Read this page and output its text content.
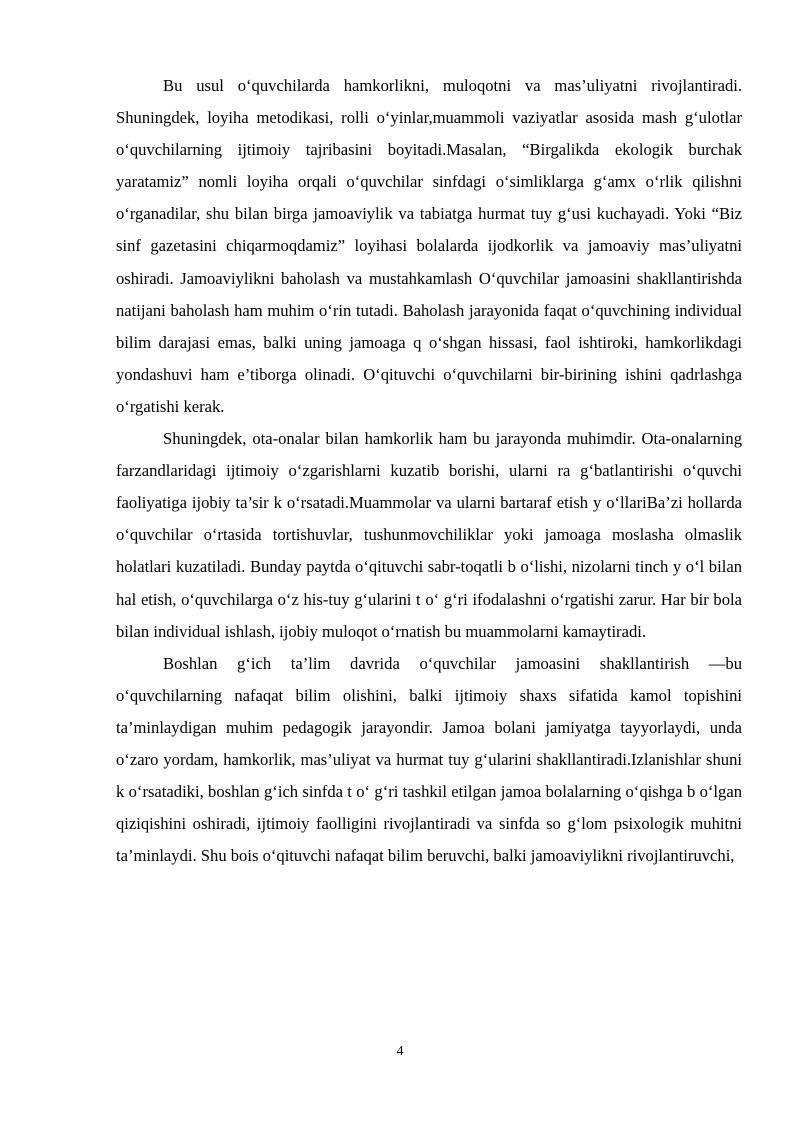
Bu usul o‘quvchilarda hamkorlikni, muloqotni va mas’uliyatni rivojlantiradi. Shuningdek, loyiha metodikasi, rolli o‘yinlar,muammoli vaziyatlar asosida mash g‘ulotlar o‘quvchilarning ijtimoiy tajribasini boyitadi.Masalan, “Birgalikda ekologik burchak yaratamiz” nomli loyiha orqali o‘quvchilar sinfdagi o‘simliklarga g‘amx o‘rlik qilishni o‘rganadilar, shu bilan birga jamoaviylik va tabiatga hurmat tuy g‘usi kuchayadi. Yoki “Biz sinf gazetasini chiqarmoqdamiz” loyihasi bolalarda ijodkorlik va jamoaviy mas’uliyatni oshiradi. Jamoaviylikni baholash va mustahkamlash O‘quvchilar jamoasini shakllantirishda natijani baholash ham muhim o‘rin tutadi. Baholash jarayonida faqat o‘quvchining individual bilim darajasi emas, balki uning jamoaga q o‘shgan hissasi, faol ishtiroki, hamkorlikdagi yondashuvi ham e’tiborga olinadi. O‘qituvchi o‘quvchilarni bir-birining ishini qadrlashga o‘rgatishi kerak.

Shuningdek, ota-onalar bilan hamkorlik ham bu jarayonda muhimdir. Ota-onalarning farzandlaridagi ijtimoiy o‘zgarishlarni kuzatib borishi, ularni ra g‘batlantirishi o‘quvchi faoliyatiga ijobiy ta’sir k o‘rsatadi.Muammolar va ularni bartaraf etish y o‘llariBa’zi hollarda o‘quvchilar o‘rtasida tortishuvlar, tushunmovchiliklar yoki jamoaga moslasha olmaslik holatlari kuzatiladi. Bunday paytda o‘qituvchi sabr-toqatli b o‘lishi, nizolarni tinch y o‘l bilan hal etish, o‘quvchilarga o‘z his-tuy g‘ularini t o‘ g‘ri ifodalashni o‘rgatishi zarur. Har bir bola bilan individual ishlash, ijobiy muloqot o‘rnatish bu muammolarni kamaytiradi.

Boshlan g‘ich ta’lim davrida o‘quvchilar jamoasini shakllantirish —bu o‘quvchilarning nafaqat bilim olishini, balki ijtimoiy shaxs sifatida kamol topishini ta’minlaydigan muhim pedagogik jarayondir. Jamoa bolani jamiyatga tayyorlaydi, unda o‘zaro yordam, hamkorlik, mas’uliyat va hurmat tuy g‘ularini shakllantiradi.Izlanishlar shuni k o‘rsatadiki, boshlan g‘ich sinfda t o‘ g‘ri tashkil etilgan jamoa bolalarning o‘qishga b o‘lgan qiziqishini oshiradi, ijtimoiy faolligini rivojlantiradi va sinfda so g‘lom psixologik muhitni ta’minlaydi. Shu bois o‘qituvchi nafaqat bilim beruvchi, balki jamoaviylikni rivojlantiruvchi,

4
